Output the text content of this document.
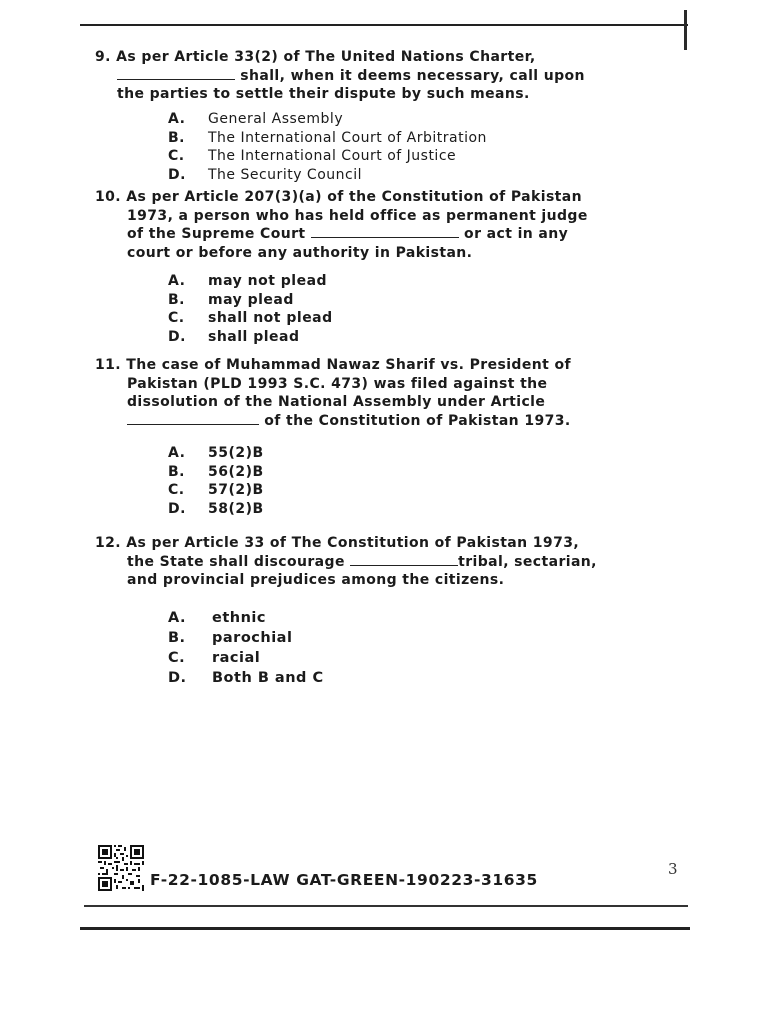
9. As per Article 33(2) of The United Nations Charter,
shall, when it deems necessary, call upon
the parties to settle their dispute by such means.
A.	General Assembly
B.	The International Court of Arbitration
C.	The International Court of Justice
D.	The Security Council
10. As per Article 207(3)(a) of the Constitution of Pakistan
1973, a person who has held office as permanent judge
of the Supreme Court	or act in any
court or before any authority in Pakistan.
A.	may not plead
B.	may plead
C.	shall not plead
D.	shall plead
11. The case of Muhammad Nawaz Sharif vs. President of
Pakistan (PLD 1993 S.C. 473) was filed against the
dissolution of the National Assembly under Article
of the Constitution of Pakistan 1973.
A.	55(2)B
B.	56(2)B
C.	57(2)B
D.	58(2)B
12. As per Article 33 of The Constitution of Pakistan 1973,
the State shall discourage	tribal, sectarian,
and provincial prejudices among the citizens.
A.	ethnic
B.	parochial
C.	racial
D.	Both B and C
F-22-1085-LAW GAT-GREEN-190223-31635
3
